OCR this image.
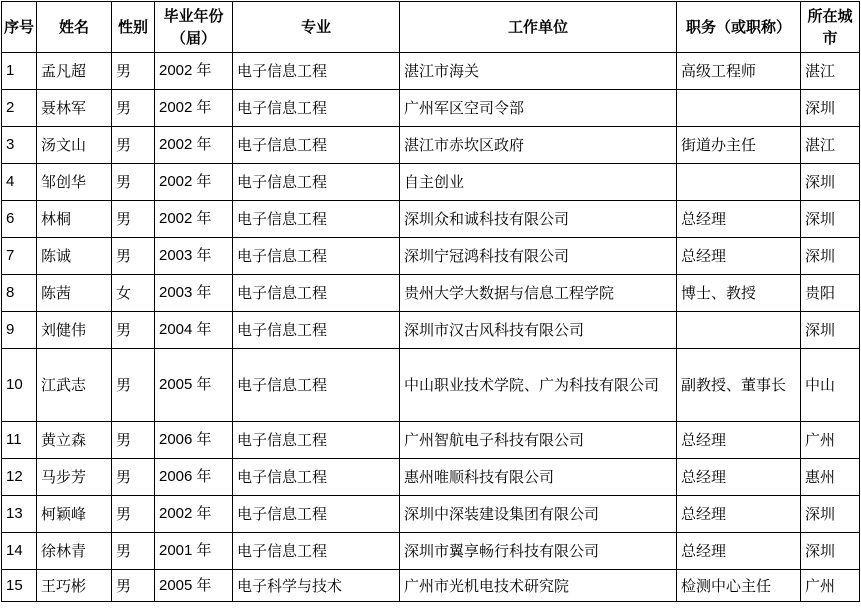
序号	姓名	性别	毕业年份（届）	专业	工作单位	职务（或职称）	所在城市
1	孟凡超	男	2002 年	电子信息工程	湛江市海关	高级工程师	湛江
2	聂林军	男	2002 年	电子信息工程	广州军区空司令部		深圳
3	汤文山	男	2002 年	电子信息工程	湛江市赤坎区政府	街道办主任	湛江
4	邹创华	男	2002 年	电子信息工程	自主创业		深圳
6	林桐	男	2002 年	电子信息工程	深圳众和诚科技有限公司	总经理	深圳
7	陈诚	男	2003 年	电子信息工程	深圳宁冠鸿科技有限公司	总经理	深圳
8	陈茜	女	2003 年	电子信息工程	贵州大学大数据与信息工程学院	博士、教授	贵阳
9	刘健伟	男	2004 年	电子信息工程	深圳市汉古风科技有限公司		深圳
10	江武志	男	2005 年	电子信息工程	中山职业技术学院、广为科技有限公司	副教授、董事长	中山
11	黄立森	男	2006 年	电子信息工程	广州智航电子科技有限公司	总经理	广州
12	马步芳	男	2006 年	电子信息工程	惠州唯顺科技有限公司	总经理	惠州
13	柯颖峰	男	2002 年	电子信息工程	深圳中深装建设集团有限公司	总经理	深圳
14	徐林青	男	2001 年	电子信息工程	深圳市翼享畅行科技有限公司	总经理	深圳
15	王巧彬	男	2005 年	电子科学与技术	广州市光机电技术研究院	检测中心主任	广州
